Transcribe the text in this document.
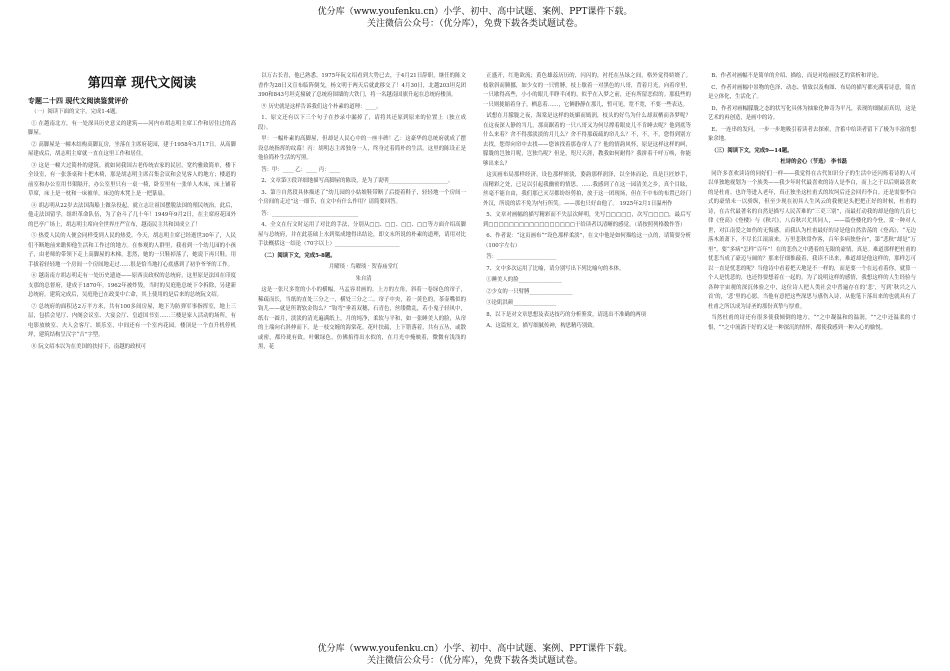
优分库（www.youfenku.cn）小学、初中、高中试题、案例、PPT课件下载。
关注微信公众号：（优分库），免费下载各类试题试卷。
第四章 现代文阅读
专题二十四 现代文阅读鉴赏评价

（一）阅读下面的文字，完成1-4题。

① 在越南北方，有一处深具历史意义的建筑——河内市胡志明主席工作和居住过的高脚屋。

② 高脚屋是一幢木结构高脚瓦房，坐落在主席府花园，建于1958年5月17日。从高脚屋建成后，胡志明主席就一直在这里工作和居住。

③ 这是一幢大过简朴的建筑。就如同我国古老传统农家的民居，宽约雅致简单，楼下全设室，有一张条桌和十把木椅，那是胡志明主席召集会议和会见客人的地方；楼道的前室和办公室用书架隔开，办公室里只有一桌一椅，卧室里有一张单人木床，床上铺着草席，床上是一枕和一床被单，床边的木凳上是一把篆扇。

④ 胡志明从22岁去法国海船上做杂役起，就立志让祖国摆脱法国的殖民统治。此后，他走法国留学，组织革命队伍，为了奋斗了几十年！1949年9月2日，在主席府花园外的巴亭广场上，胡志明主席向全世界庄严宣布，越南民主共和国成立了！

⑤ 热爱人民的人便会同样受到人民的热爱。今天，胡志明主席已经逝世30年了，人民们不断地前来瞻仰他生活和工作过的地方。在参观的人群里，我看到一个幼儿园的小孩子，由老师的带领下走上高脚屋的木梯，悲然，她的一只鞋掉落了，她说下再只鞋，用手拔着轻轻地一个房间一个房间地走过……很是恰当地打心底感到了初争爷爷的工作。

⑥ 越南南方胡志明走有一处历史遗迹——原西贡政权的总统府，这里原是法国在印度支那的总督府，建成于1870年。1962年被炸毁，当时的吴庭艳总统下令拆除，另建新总统府。建筑完成后，吴庭艳已在政变中亡命，其上使用的是后来的总统阮文绍。

⑦ 总统府的面积达2万平方米，共有100多间房屋，地下为防弹军事指挥室，地上三层，包括会见厅、内阁会议室、大宴会厅、皇道国书室……三楼是家人活动的场所，有电影放映室、夫人会客厅、娱乐室，中间还有一个室内花园。楼顶是一个直升机停机坪，建筑结构呈汉字“吉”字型。

⑧ 阮文绍本以为在美国的扶持下，南越的政权可

以万古长青，他已熟悉。1975年阮文绍看到大势已去，于4月21日辞职，继任的陈文香作为28日又宣布临阵倒戈，杨文明于两天后就此移交了！4月30日，北越203坦克团390和843号坦克撞破了总统府围墙的大铁门，将一名越南国旗升起在总统府楼顶。

⑨ 历史就是这样告诉我们这个朴素的道理：____。

1、原文还有以下三个句子在抄录中漏掉了，请将其还原到原来的位置上（独立成段）。

甲：一幅朴素的高脚屋，但却是人民心中的一座丰碑！乙：这豪华的总统府就成了摆设总统指挥的纹幕！丙：胡明志主席独身一人，终身过着简朴的生活。这里的陈设正是他俭简朴生活的写照。

答：甲：____ 乙：____ 丙：____

2、文章第③段详细地描写高脚屋的陈设，是为了说明______________________。

3、第⑤自然段具体描述了“幼儿园的小姑娘鞋带断了后提着鞋子，轻轻地一个房间一个房间的走过”这一细节，在文中有什么作用？请简要回答。

答：________________________________

4、全文在行文时运用了对比的手法，分别从□□、□□、□□、□□等方面介绍高脚屋与总统府，并在此基础上水到渠成地得出结论，即文末所说的朴素的道理，请用对比手法概括这一结论（70字以上）________________________

（二）阅读下文，完成5-8题。

月曜琰 · 鸟曜琰 · 贺春庙堂红

朱自清

这是一张尺多宽的小小的横幅，马孟容君画的。上方的左角，斜着一卷绿色的帘子，稀疏而长，当纸的直处三分之一，横处三分之二。帘子中央，着一黄色的，茶壶嘴似的钩儿——就是所谓软金钩么？“钩弯”垂着双穗，石青色，丝缕微乱，若小鬼子轻风中，纸右一圆月，淡淡的清光遍满纸上，月的纯净，柔软与平和，如一张睡美人的脸，从帘的上端向右斜伸而下，是一枝交缠的海棠花。花叶扶疏，上下错落着，共有五丛，或散或密，都玲珑有致。叶嫩绿色，仿佛掐得出水似的，在月光中掩映着，微微有浅浅的黑，花

正盛开，红艳欲流；黄色雄蕊历历的，闪闪的，衬托在丛绿之间，格外觉得娇娆了。枝欹斜而腾挪，如少女的一只臂膊，枝上歇着一对黑色的八哥，背着月光，向着帘里，一只歇得高些，小小的眼儿半睁半闭的，似乎在入梦之前，还有所留恋似的。那低些的一只则拢缩着身子，栖息着……，它俩静静在那儿，暂可见，宽不宽，不要一些表达。

试想在月朦胧之夜，海棠是这样的妩媚而嫣润，枝头的好鸟为什么却双栖而各梦呢？在这夜深人静的当儿，那高踞着的一只八哥又为何尽撑着眼皮儿不肯睡去呢？他到底等什么来着？舍不得那淡淡的月儿么？舍不得那疏疏的帘儿么？不，不，不，您得到别方去找，您得向帘中去找——您该找着那卷帘人了？他的情韵风怀，原是这样这样的呵，朦胧的岂独月呢，岂独鸟呢？但是，咫尺天涯，教我如何耐得？我拼着千呼万唤，你能够出来么？

这页画布局那样经济，设色那样妍淡，姿韵那样润泽，以全体而论，真是巨匠妙手，而精彩之处，已足以引起我幽密的情思，……我感到了在这一园清美之乡，真个目眩，丝毫不能自由，我们那已灭尽都纷纷剪拍，放于这一团现场，但在千中布的布置已经门外汉，所说的话不免为内行所笑。——那也只好由他了。 1925年2月1日温州作

5、文章对画幅的描写精彩而不失层次鲜明，先写□□□□□，次写□□□□，最后写到□□□□□□□□□□□□□□□□□于给读者以清晰的感觉。（请按照列格数作答）

6、作者说：“这页画布“”设色那样柔淡”，在文中他是如何描绘这一点的，请简要分析 （100字左右）

答：______________________

7、文中多次运用了比喻，请分别写出下列比喻句的本体。

①睡美人的脸________________

②少女的一只臂膊________________

③论肌洪颜________________

8、以下是对文章思想及表达技巧的分析鉴赏，请选出不准确的两项

A、这篇短文，描写细腻传神，构思精巧别致。

B、作者对画幅不是简单的介绍、描绘，而是对绘画技艺的赏析和评论。

C、作者对画幅中景物的色泽、动态、情致以及构图、布局的描写都充满着诗意，简直是立体化，生活化了。

D、作者对画幅朦胧之态的状写化具体为抽象化种奇为平凡，表现的细腻而真切，这是艺术的再创造，是画中的诗。

E、一连串的发问，一步一步地吸引着读者去探索，含蓄中给读者留下了极为丰富的想象余地。

（三）阅读下文，完成9—14题。

杜诗的会心（节选） 李书磊

同许多喜欢读诗的同好们一样——我觉得在古代知识分子的生活中还闪烁着诗的人可以单独地视划为一个族类——我少年时代最喜欢的诗人是李白，而上之于以后则最喜欢的是杜甫。也许等进入老年，真正独坐这杜甫式的坎坷后还会回归李白。还是需要李白式的豪情未一以骄纵，但至少现在初具人生风云的我便是头把把正好的时候，杜甫的诗，在古代最著名的自然是描写人民苦难的“三吏三别”，而最打动我的却是他的几首七律《登高》《登楼》与《秋兴》，八首秋兴尤其同人，——篇登楼化的今登，赏一种对人世，对江南爱之如伤的无悔感，而我认为杜甫最好的诗是他自然浩荡的《登高》，“无边落木萧萧下，不尽长江滚滚来。万里悲秋常作客，百年多病独登台”，第“悲秋”却是“万里”，要“多病”怎样“百年”！在的悲伤之中透着的无限的豪情，真是。难道那样把杜甫的忧悲当成了豪迈与阔的？那来仔细推敲着，我读不出来，难道却是他这样的，那样怎可以一直是忧悲的呢？当他诗中看着把天地是不一样的，而是要一个在远看着你，就算一个人是忧悲的，也还得要想着在一起的。为了说明这样的感情，我想这样的人生经验与各种宇宙观的深沉体验之中，这位诗人把人类社会中普遍存在的‘悲’，写到‘秋兴之八首’的，‘悲’里的心愿。当他有意把这些深思与感伤入诗，从他笔下落出来的也就具有了杜甫之所以成为诗圣的那份真挚与厚重。

当然杜甫的诗还有很多使我倾倒的地方，“”之中凝温和的温润，“”之中还温柔的寸恨，“”之中流淌于好的又是一种深沉的情怀，都使我感到一种入心的愉悦。

优分库（www.youfenku.cn）小学、初中、高中试题、案例、PPT课件下载。
关注微信公众号：（优分库），免费下载各类试题试卷。
